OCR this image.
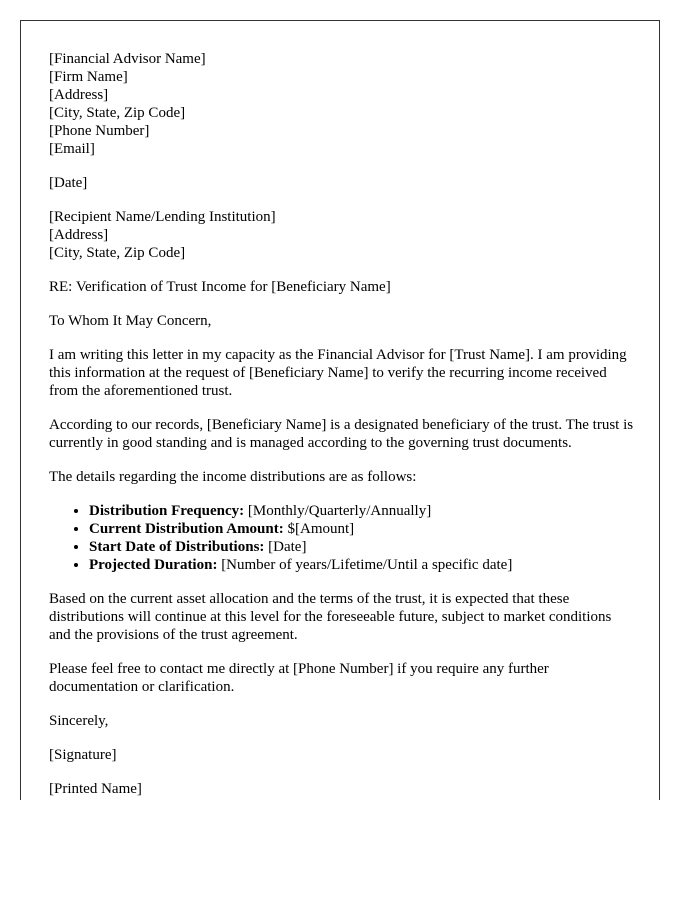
[Financial Advisor Name]
[Firm Name]
[Address]
[City, State, Zip Code]
[Phone Number]
[Email]

[Date]

[Recipient Name/Lending Institution]
[Address]
[City, State, Zip Code]

RE: Verification of Trust Income for [Beneficiary Name]

To Whom It May Concern,

I am writing this letter in my capacity as the Financial Advisor for [Trust Name]. I am providing this information at the request of [Beneficiary Name] to verify the recurring income received from the aforementioned trust.

According to our records, [Beneficiary Name] is a designated beneficiary of the trust. The trust is currently in good standing and is managed according to the governing trust documents.

The details regarding the income distributions are as follows:

• Distribution Frequency: [Monthly/Quarterly/Annually]
• Current Distribution Amount: $[Amount]
• Start Date of Distributions: [Date]
• Projected Duration: [Number of years/Lifetime/Until a specific date]

Based on the current asset allocation and the terms of the trust, it is expected that these distributions will continue at this level for the foreseeable future, subject to market conditions and the provisions of the trust agreement.

Please feel free to contact me directly at [Phone Number] if you require any further documentation or clarification.

Sincerely,

[Signature]

[Printed Name]
